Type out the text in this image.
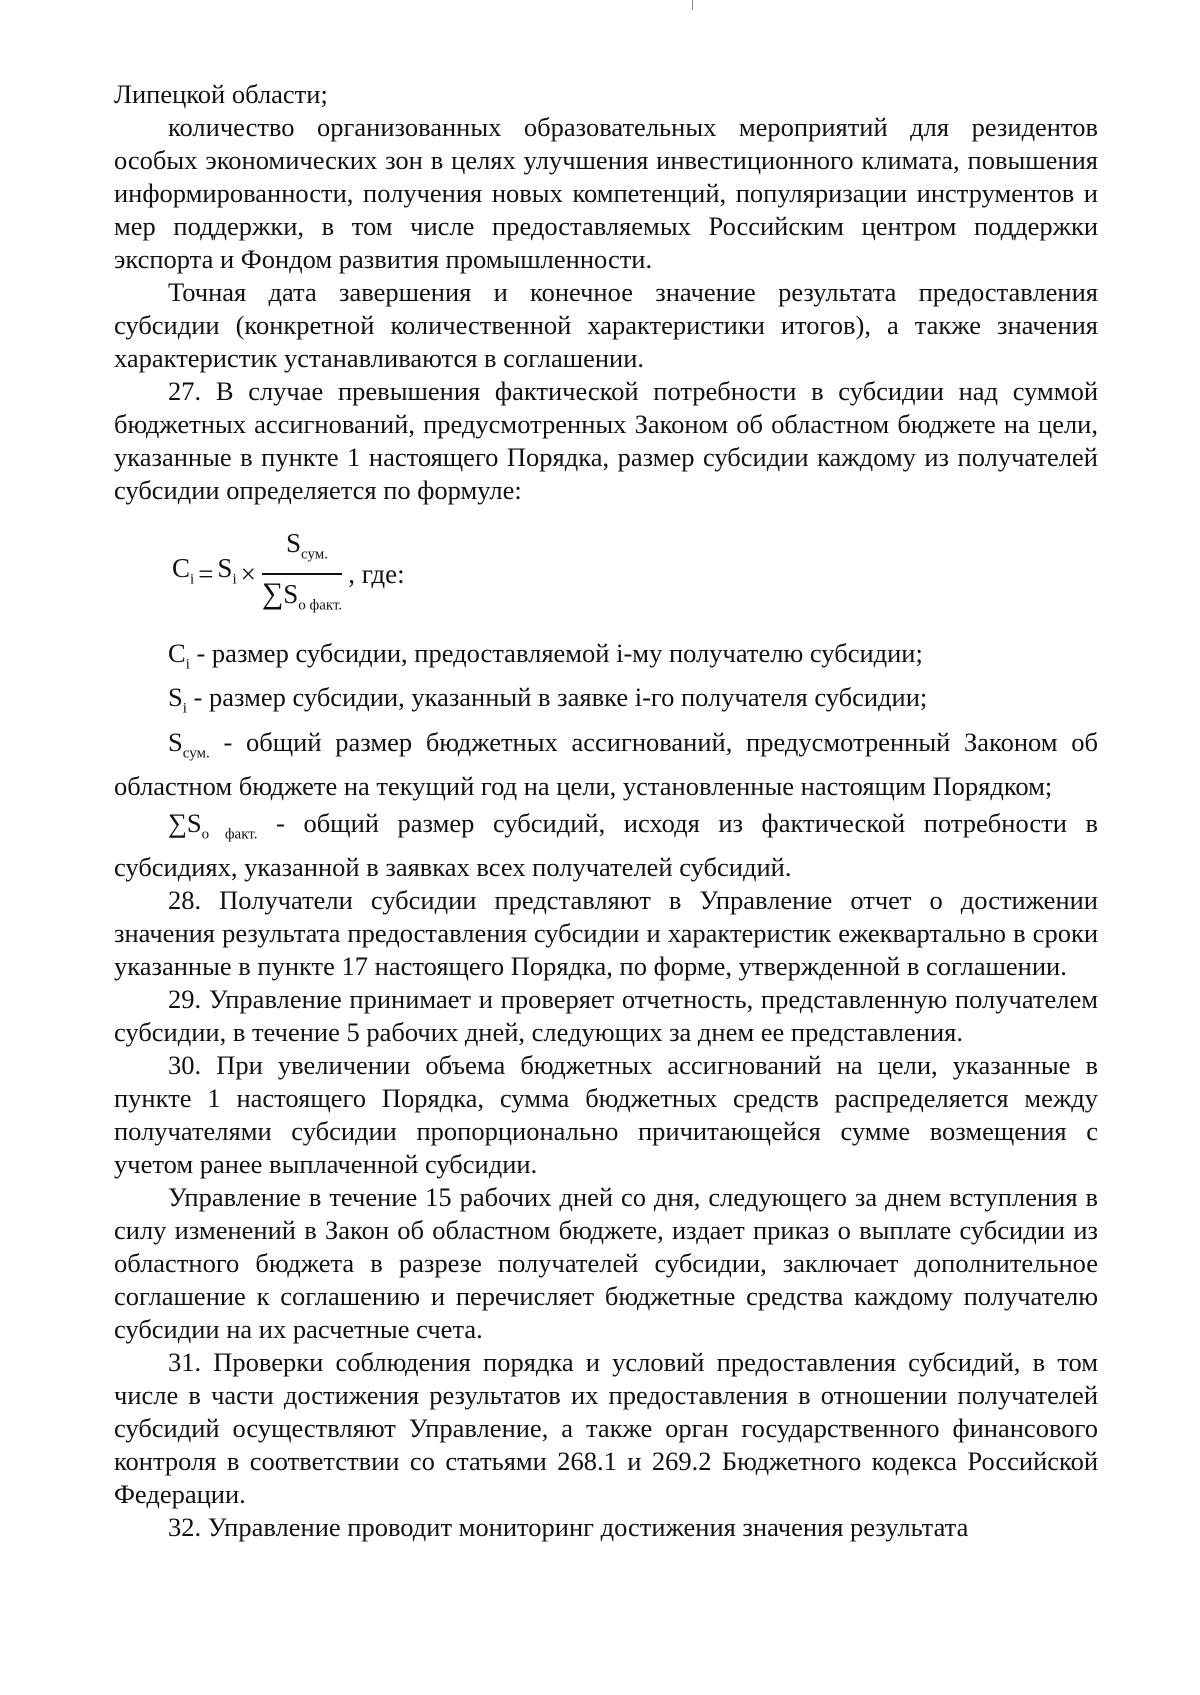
Липецкой области;

количество организованных образовательных мероприятий для резидентов особых экономических зон в целях улучшения инвестиционного климата, повышения информированности, получения новых компетенций, популяризации инструментов и мер поддержки, в том числе предоставляемых Российским центром поддержки экспорта и Фондом развития промышленности.

Точная дата завершения и конечное значение результата предоставления субсидии (конкретной количественной характеристики итогов), а также значения характеристик устанавливаются в соглашении.

27. В случае превышения фактической потребности в субсидии над суммой бюджетных ассигнований, предусмотренных Законом об областном бюджете на цели, указанные в пункте 1 настоящего Порядка, размер субсидии каждому из получателей субсидии определяется по формуле:

$C_i = S_i \times \frac{S_{сум.}}{\sum S_{о факт.}}$ , где:

$C_i$ - размер субсидии, предоставляемой i-му получателю субсидии;

$S_i$ - размер субсидии, указанный в заявке i-го получателя субсидии;

$S_{сум.}$ - общий размер бюджетных ассигнований, предусмотренный Законом об областном бюджете на текущий год на цели, установленные настоящим Порядком;

$\sum S_{о факт.}$ - общий размер субсидий, исходя из фактической потребности в субсидиях, указанной в заявках всех получателей субсидий.

28. Получатели субсидии представляют в Управление отчет о достижении значения результата предоставления субсидии и характеристик ежеквартально в сроки указанные в пункте 17 настоящего Порядка, по форме, утвержденной в соглашении.

29. Управление принимает и проверяет отчетность, представленную получателем субсидии, в течение 5 рабочих дней, следующих за днем ее представления.

30. При увеличении объема бюджетных ассигнований на цели, указанные в пункте 1 настоящего Порядка, сумма бюджетных средств распределяется между получателями субсидии пропорционально причитающейся сумме возмещения с учетом ранее выплаченной субсидии.

Управление в течение 15 рабочих дней со дня, следующего за днем вступления в силу изменений в Закон об областном бюджете, издает приказ о выплате субсидии из областного бюджета в разрезе получателей субсидии, заключает дополнительное соглашение к соглашению и перечисляет бюджетные средства каждому получателю субсидии на их расчетные счета.

31. Проверки соблюдения порядка и условий предоставления субсидий, в том числе в части достижения результатов их предоставления в отношении получателей субсидий осуществляют Управление, а также орган государственного финансового контроля в соответствии со статьями 268.1 и 269.2 Бюджетного кодекса Российской Федерации.

32. Управление проводит мониторинг достижения значения результата
